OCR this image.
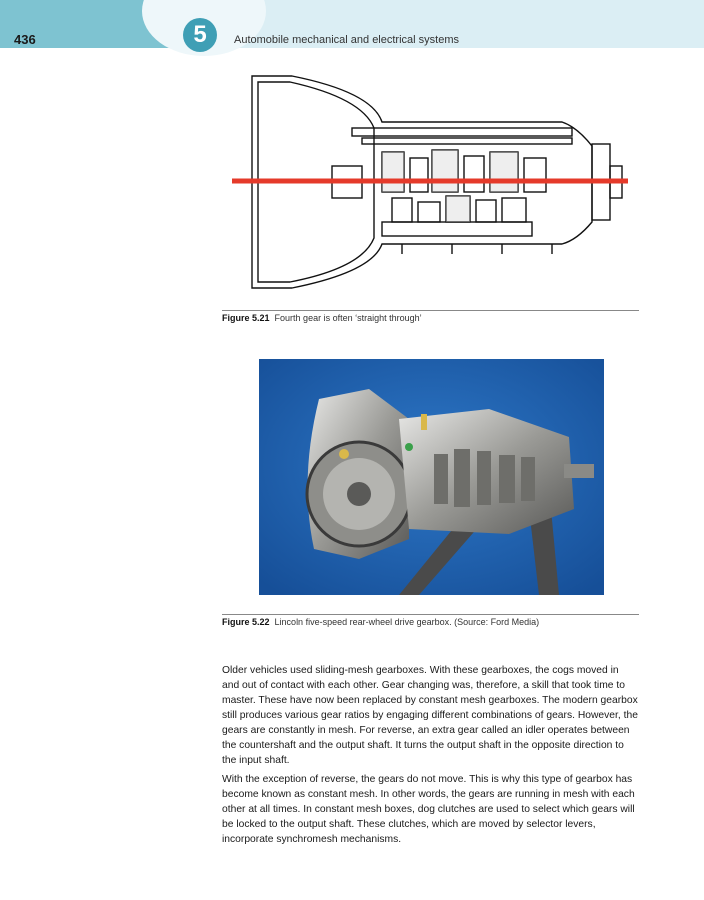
436	5	Automobile mechanical and electrical systems
Figure 5.21 Fourth gear is often ‘straight through’
Figure 5.22 Lincoln five-speed rear-wheel drive gearbox. (Source: Ford Media)

Older vehicles used sliding-mesh gearboxes. With these gearboxes, the cogs moved in and out of contact with each other. Gear changing was, therefore, a skill that took time to master. These have now been replaced by constant mesh gearboxes. The modern gearbox still produces various gear ratios by engaging different combinations of gears. However, the gears are constantly in mesh. For reverse, an extra gear called an idler operates between the countershaft and the output shaft. It turns the output shaft in the opposite direction to the input shaft.

With the exception of reverse, the gears do not move. This is why this type of gearbox has become known as constant mesh. In other words, the gears are running in mesh with each other at all times. In constant mesh boxes, dog clutches are used to select which gears will be locked to the output shaft. These clutches, which are moved by selector levers, incorporate synchromesh mechanisms.
